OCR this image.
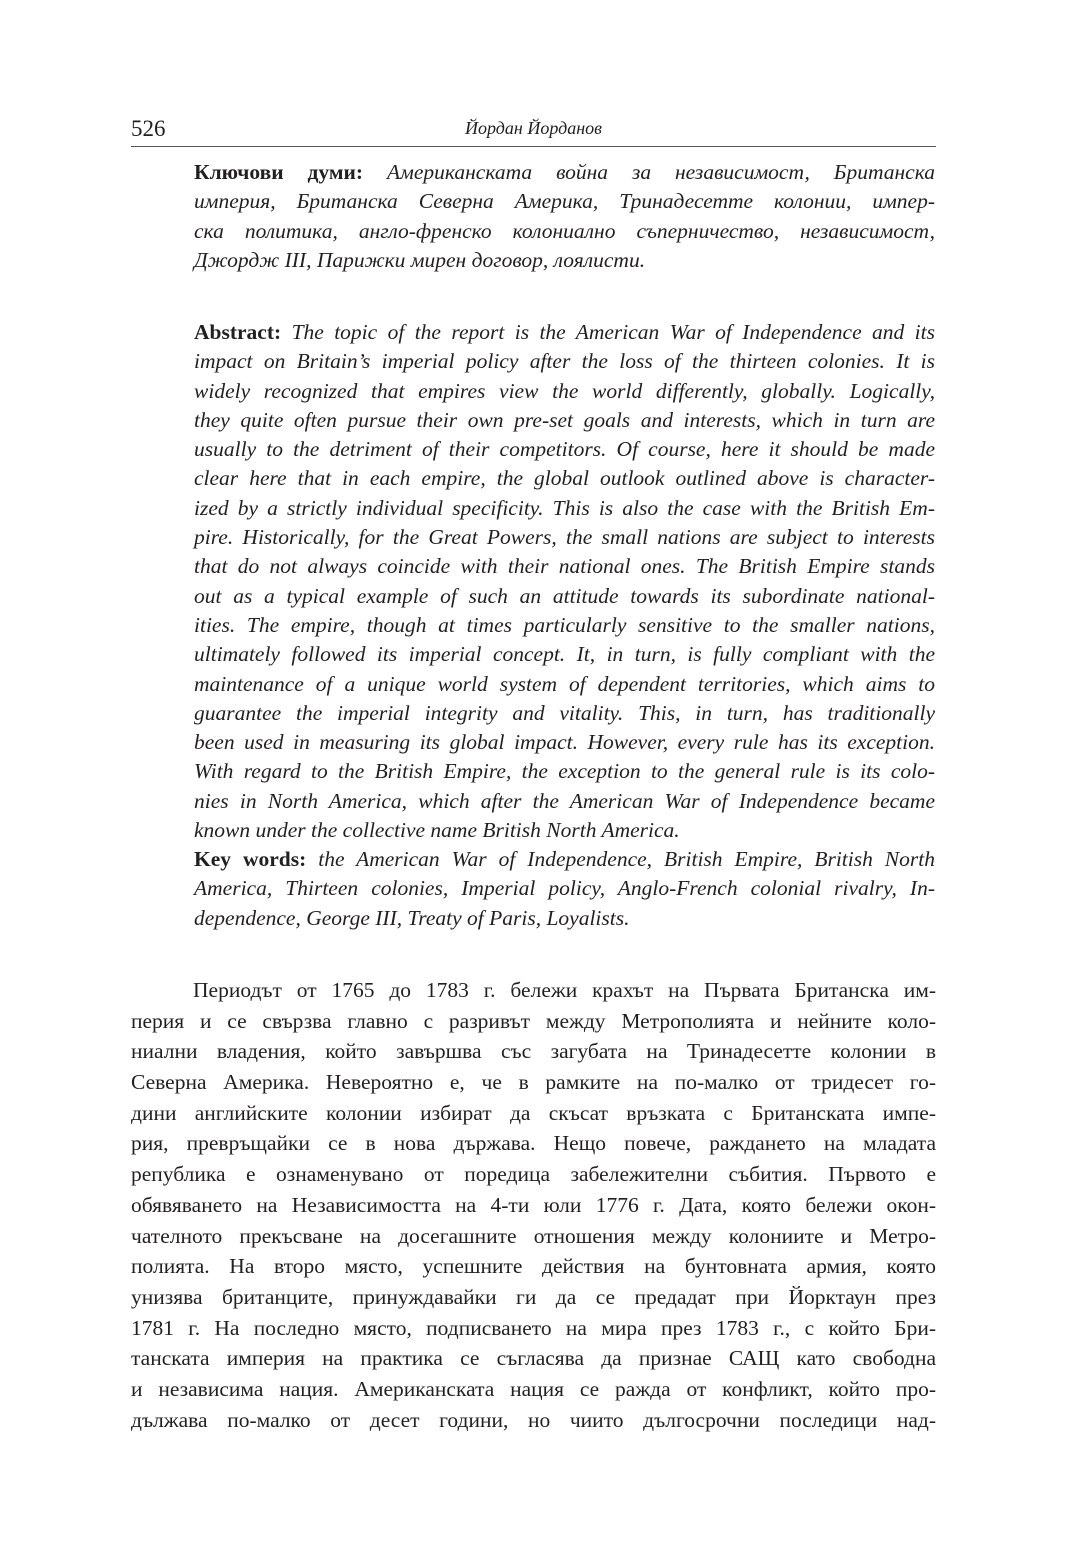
526	Йордан Йорданов
Ключови думи: Американската война за независимост, Британска
империя, Британска Северна Америка, Тринадесетте колонии, импер-
ска политика, англо-френско колониално съперничество, независимост,
Джордж III, Парижки мирен договор, лоялисти.
Abstract: The topic of the report is the American War of Independence and its
impact on Britain’s imperial policy after the loss of the thirteen colonies. It is
widely recognized that empires view the world differently, globally. Logically,
they quite often pursue their own pre-set goals and interests, which in turn are
usually to the detriment of their competitors. Of course, here it should be made
clear here that in each empire, the global outlook outlined above is character-
ized by a strictly individual specificity. This is also the case with the British Em-
pire. Historically, for the Great Powers, the small nations are subject to interests
that do not always coincide with their national ones. The British Empire stands
out as a typical example of such an attitude towards its subordinate national-
ities. The empire, though at times particularly sensitive to the smaller nations,
ultimately followed its imperial concept. It, in turn, is fully compliant with the
maintenance of a unique world system of dependent territories, which aims to
guarantee the imperial integrity and vitality. This, in turn, has traditionally
been used in measuring its global impact. However, every rule has its exception.
With regard to the British Empire, the exception to the general rule is its colo-
nies in North America, which after the American War of Independence became
known under the collective name British North America.
Key words: the American War of Independence, British Empire, British North
America, Thirteen colonies, Imperial policy, Anglo-French colonial rivalry, In-
dependence, George III, Treaty of Paris, Loyalists.
Периодът от 1765 до 1783 г. бележи крахът на Първата Британска им-
перия и се свързва главно с разривът между Метрополията и нейните коло-
ниални владения, който завършва със загубата на Тринадесетте колонии в
Северна Америка. Невероятно е, че в рамките на по-малко от тридесет го-
дини английските колонии избират да скъсат връзката с Британската импе-
рия, превръщайки се в нова държава. Нещо повече, раждането на младата
република е ознаменувано от поредица забележителни събития. Първото е
обявяването на Независимостта на 4-ти юли 1776 г. Дата, която бележи окон-
чателното прекъсване на досегашните отношения между колониите и Метро-
полията. На второ място, успешните действия на бунтовната армия, която
унизява британците, принуждавайки ги да се предадат при Йорктаун през
1781 г. На последно място, подписването на мира през 1783 г., с който Бри-
танската империя на практика се съгласява да признае САЩ като свободна
и независима нация. Американската нация се ражда от конфликт, който про-
дължава по-малко от десет години, но чиито дългосрочни последици над-
